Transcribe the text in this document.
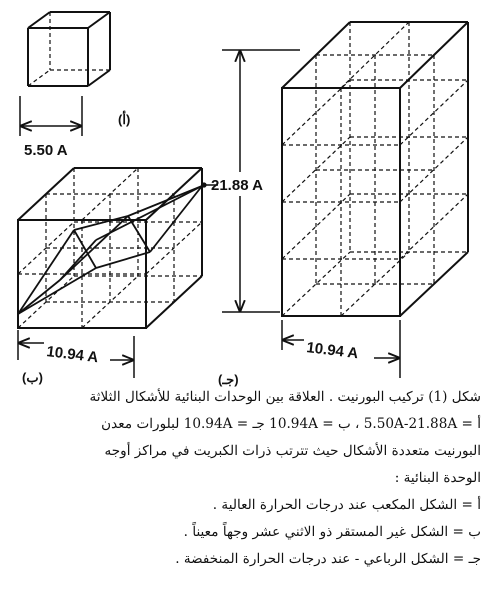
5.50 A
(أ)
10.94 A
(ب)
21.88 A
10.94 A
(جـ)

شكل (1) تركيب البورنيت . العلاقة بين الوحدات البنائية للأشكال الثلاثة

أ = 5.50A-21.88A ، ب = 10.94A جـ = 10.94A لبلورات معدن

البورنيت متعددة الأشكال حيث تترتب ذرات الكبريت في مراكز أوجه

الوحدة البنائية :

أ = الشكل المكعب عند درجات الحرارة العالية .

ب = الشكل غير المستقر ذو الاثني عشر وجهاً معيناً .

جـ = الشكل الرباعي - عند درجات الحرارة المنخفضة .
